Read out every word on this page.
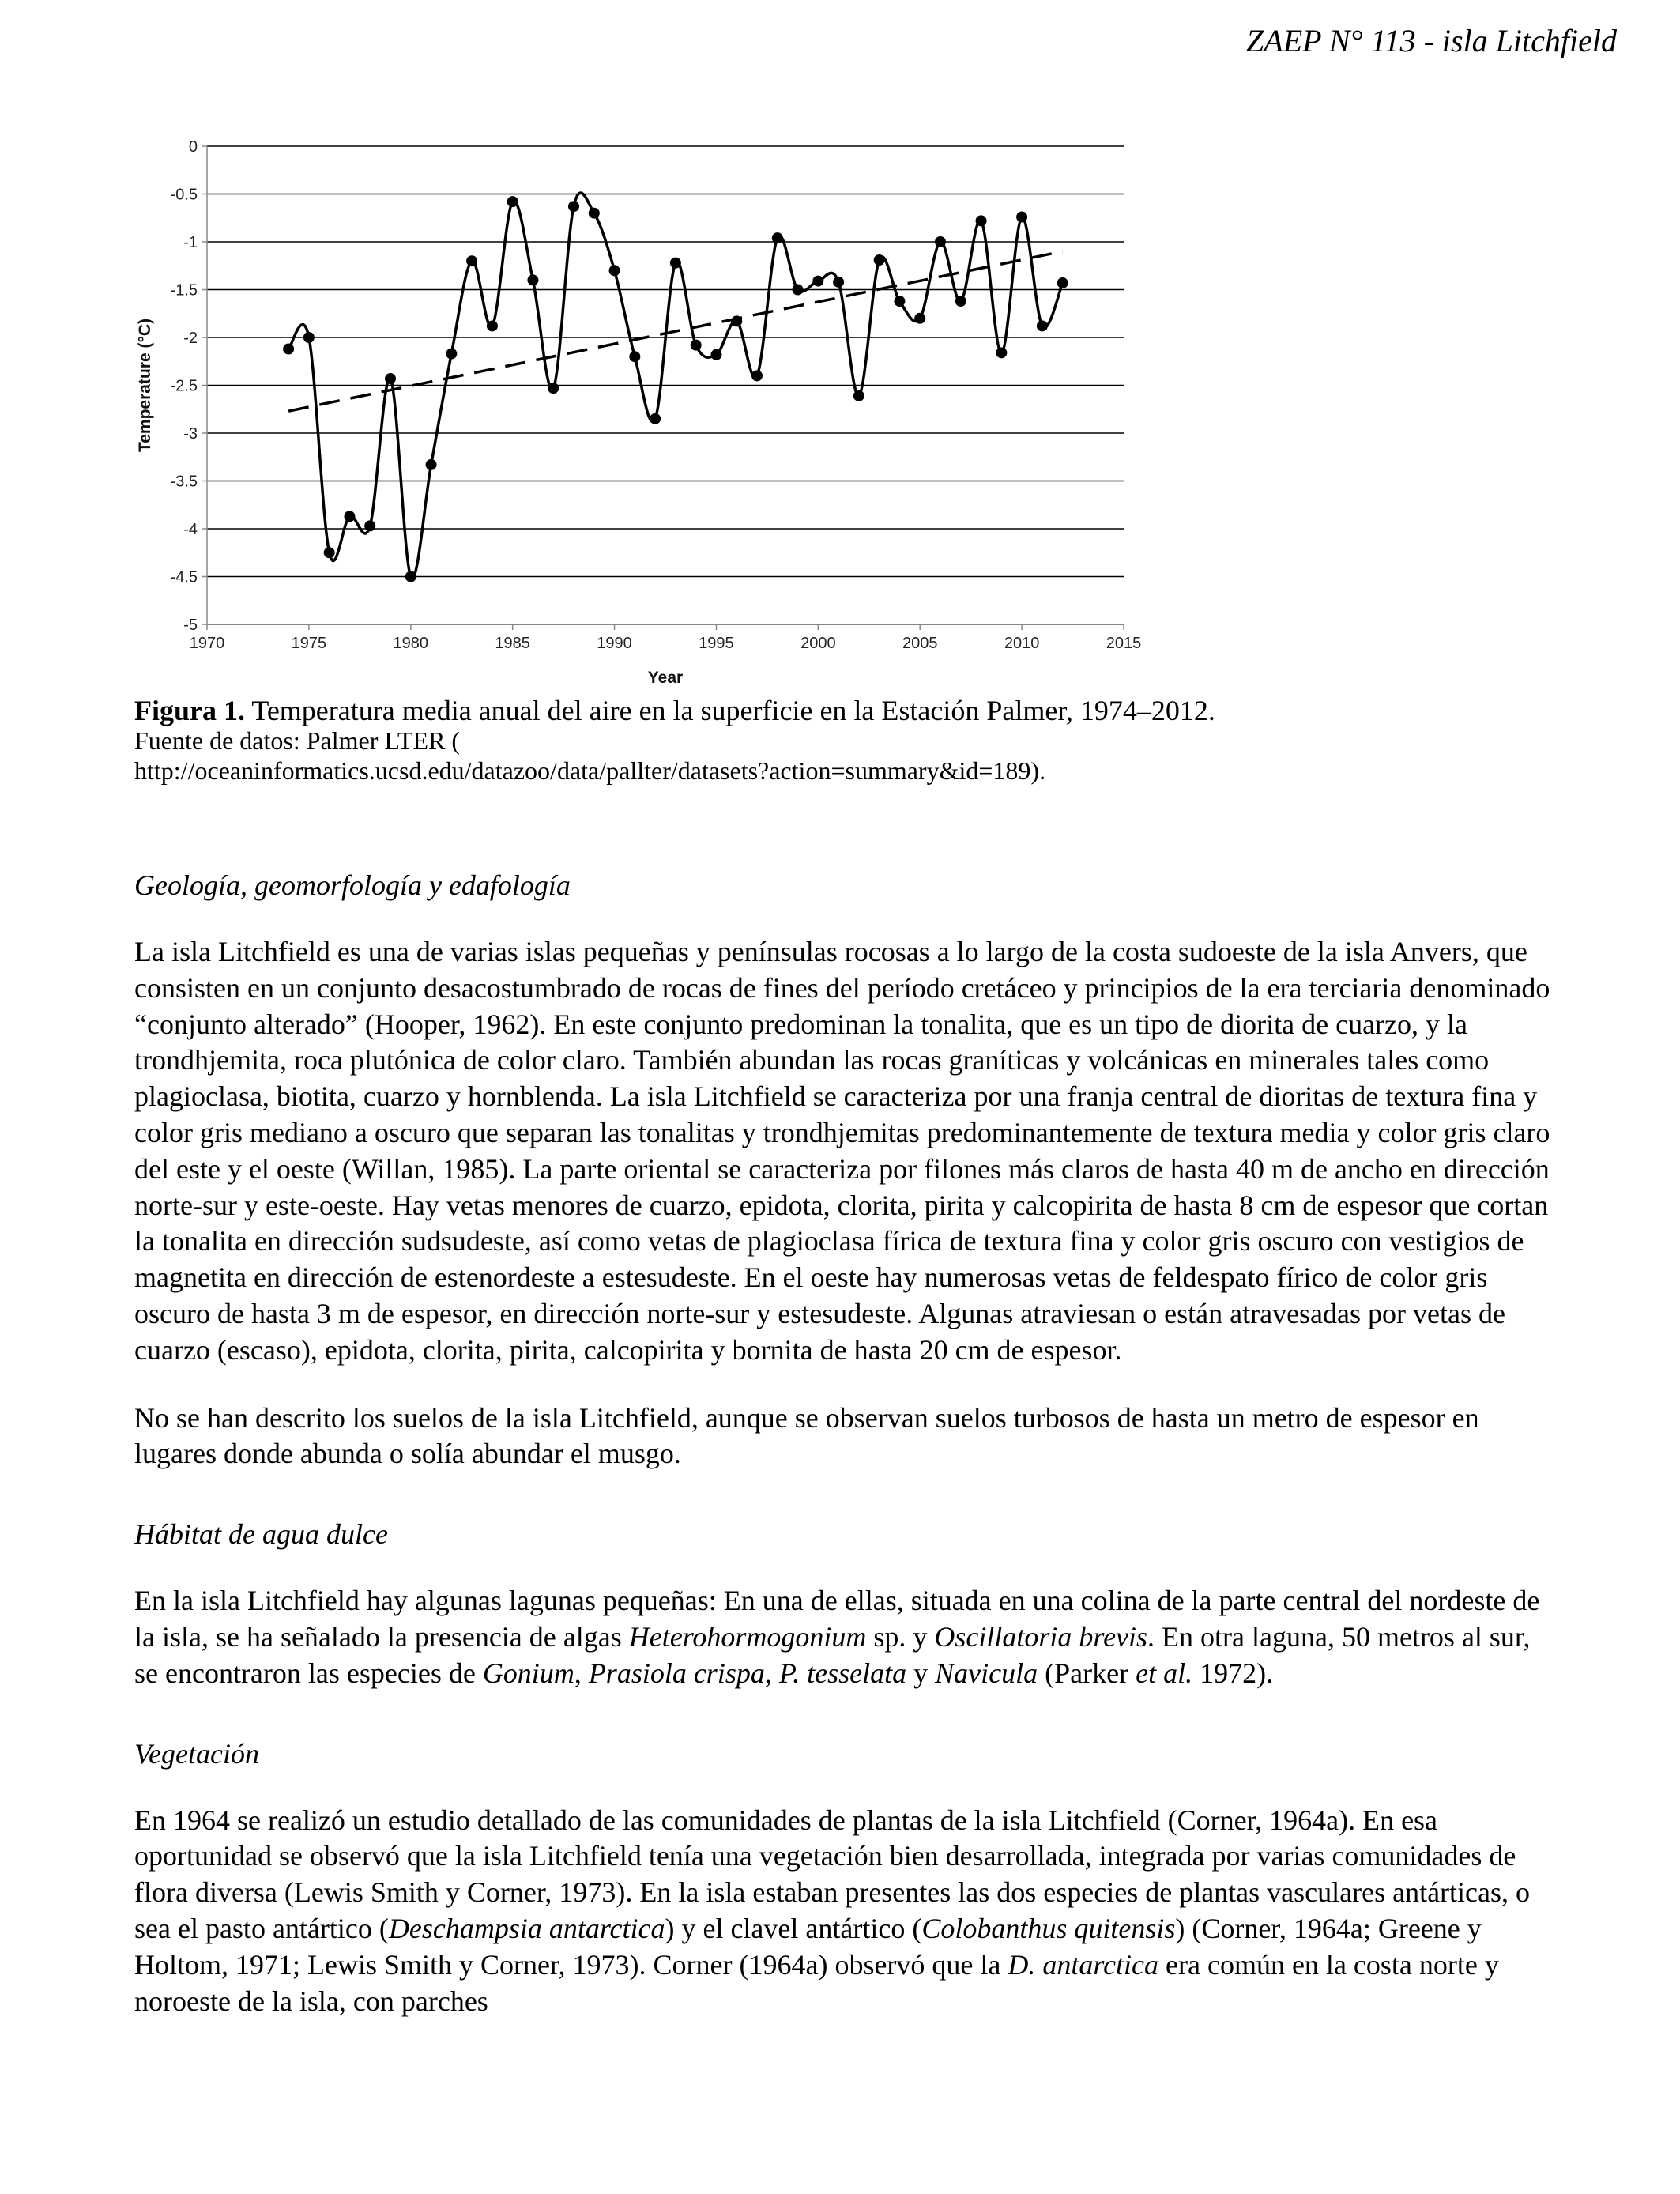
ZAEP N° 113 - isla Litchfield
0
-0.5
-1
-1.5
-2
-2.5
-3
-3.5
-4
-4.5
-5
1970	1975	1980	1985	1990	1995	2000	2005	2010	2015
Year
Temperature (°C)
Figura 1. Temperatura media anual del aire en la superficie en la Estación Palmer, 1974–2012.
Fuente de datos: Palmer LTER (
http://oceaninformatics.ucsd.edu/datazoo/data/pallter/datasets?action=summary&id=189).

Geología, geomorfología y edafología

La isla Litchfield es una de varias islas pequeñas y penínsulas rocosas a lo largo de la costa sudoeste de la isla Anvers, que consisten en un conjunto desacostumbrado de rocas de fines del período cretáceo y principios de la era terciaria denominado “conjunto alterado” (Hooper, 1962). En este conjunto predominan la tonalita, que es un tipo de diorita de cuarzo, y la trondhjemita, roca plutónica de color claro. También abundan las rocas graníticas y volcánicas en minerales tales como plagioclasa, biotita, cuarzo y hornblenda. La isla Litchfield se caracteriza por una franja central de dioritas de textura fina y color gris mediano a oscuro que separan las tonalitas y trondhjemitas predominantemente de textura media y color gris claro del este y el oeste (Willan, 1985). La parte oriental se caracteriza por filones más claros de hasta 40 m de ancho en dirección norte-sur y este-oeste. Hay vetas menores de cuarzo, epidota, clorita, pirita y calcopirita de hasta 8 cm de espesor que cortan la tonalita en dirección sudsudeste, así como vetas de plagioclasa fírica de textura fina y color gris oscuro con vestigios de magnetita en dirección de estenordeste a estesudeste. En el oeste hay numerosas vetas de feldespato fírico de color gris oscuro de hasta 3 m de espesor, en dirección norte-sur y estesudeste. Algunas atraviesan o están atravesadas por vetas de cuarzo (escaso), epidota, clorita, pirita, calcopirita y bornita de hasta 20 cm de espesor.

No se han descrito los suelos de la isla Litchfield, aunque se observan suelos turbosos de hasta un metro de espesor en lugares donde abunda o solía abundar el musgo.

Hábitat de agua dulce

En la isla Litchfield hay algunas lagunas pequeñas: En una de ellas, situada en una colina de la parte central del nordeste de la isla, se ha señalado la presencia de algas Heterohormogonium sp. y Oscillatoria brevis. En otra laguna, 50 metros al sur, se encontraron las especies de Gonium, Prasiola crispa, P. tesselata y Navicula (Parker et al. 1972).

Vegetación

En 1964 se realizó un estudio detallado de las comunidades de plantas de la isla Litchfield (Corner, 1964a). En esa oportunidad se observó que la isla Litchfield tenía una vegetación bien desarrollada, integrada por varias comunidades de flora diversa (Lewis Smith y Corner, 1973). En la isla estaban presentes las dos especies de plantas vasculares antárticas, o sea el pasto antártico (Deschampsia antarctica) y el clavel antártico (Colobanthus quitensis) (Corner, 1964a; Greene y Holtom, 1971; Lewis Smith y Corner, 1973). Corner (1964a) observó que la D. antarctica era común en la costa norte y noroeste de la isla, con parches
